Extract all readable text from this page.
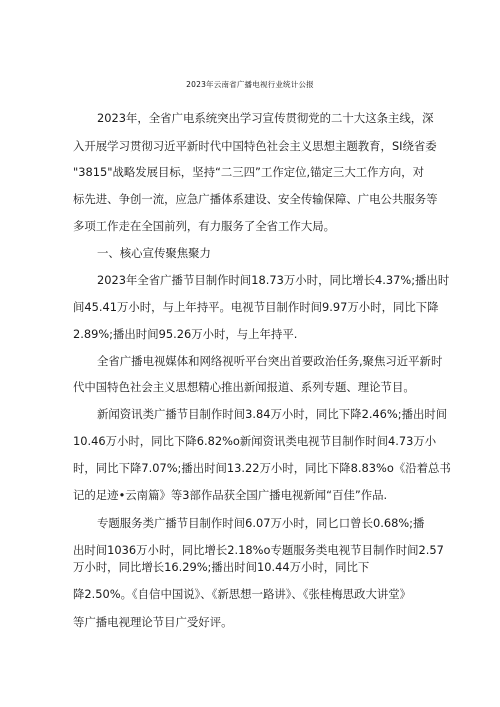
2023年云南省广播电视行业统计公报
2023年，全省广电系统突出学习宣传贯彻党的二十大这条主线，深
入开展学习贯彻习近平新时代中国特色社会主义思想主题教育，SI绕省委
"3815"战略发展目标，坚持“二三四”工作定位,锚定三大工作方向，对
标先进、争创一流，应急广播体系建设、安全传输保障、广电公共服务等
多项工作走在全国前列，有力服务了全省工作大局。
一、核心宣传聚焦聚力
2023年全省广播节目制作时间18.73万小时，同比增长4.37%;播出时
间45.41万小时，与上年持平。电视节目制作时间9.97万小时，同比下降
2.89%;播出时间95.26万小时，与上年持平.
全省广播电视媒体和网络视听平台突出首要政治任务,聚焦习近平新时
代中国特色社会主义思想精心推出新闻报道、系列专题、理论节目。
新闻资讯类广播节目制作时间3.84万小时，同比下降2.46%;播出时间
10.46万小时，同比下降6.82%o新闻资讯类电视节目制作时间4.73万小
时，同比下降7.07%;播出时间13.22万小时，同比下降8.83%o《沿着总书
记的足迹•云南篇》等3部作品获全国广播电视新闻“百佳”作品.
专题服务类广播节目制作时间6.07万小时，同匕口曾长0.68%;播
出时间1036万小时，同比增长2.18%o专题服务类电视节目制作时间2.57
万小时，同比增长16.29%;播出时间10.44万小时，同比下
降2.50%。《自信中国说》、《新思想一路讲》、《张桂梅思政大讲堂》
等广播电视理论节目广受好评。
